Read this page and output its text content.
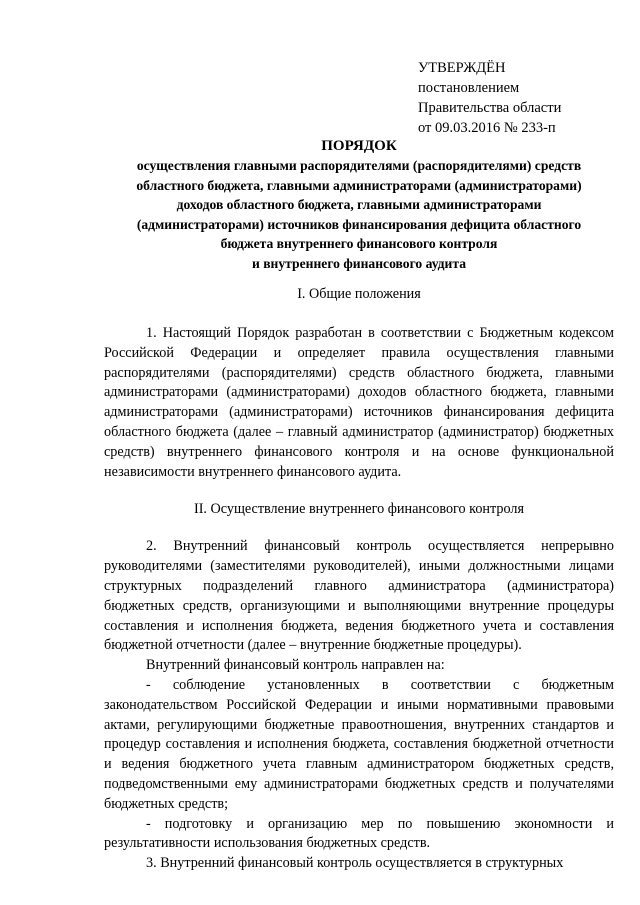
УТВЕРЖДЁН
постановлением
Правительства области
от 09.03.2016 № 233-п
ПОРЯДОК
осуществления главными распорядителями (распорядителями) средств
областного бюджета, главными администраторами (администраторами)
доходов областного бюджета, главными администраторами
(администраторами) источников финансирования дефицита областного
бюджета внутреннего финансового контроля
и внутреннего финансового аудита
I. Общие положения

1. Настоящий Порядок разработан в соответствии с Бюджетным кодексом Российской Федерации и определяет правила осуществления главными распорядителями (распорядителями) средств областного бюджета, главными администраторами (администраторами) доходов областного бюджета, главными администраторами (администраторами) источников финансирования дефицита областного бюджета (далее – главный администратор (администратор) бюджетных средств) внутреннего финансового контроля и на основе функциональной независимости внутреннего финансового аудита.

II. Осуществление внутреннего финансового контроля

2. Внутренний финансовый контроль осуществляется непрерывно руководителями (заместителями руководителей), иными должностными лицами структурных подразделений главного администратора (администратора) бюджетных средств, организующими и выполняющими внутренние процедуры составления и исполнения бюджета, ведения бюджетного учета и составления бюджетной отчетности (далее – внутренние бюджетные процедуры).

Внутренний финансовый контроль направлен на:

- соблюдение установленных в соответствии с бюджетным законодательством Российской Федерации и иными нормативными правовыми актами, регулирующими бюджетные правоотношения, внутренних стандартов и процедур составления и исполнения бюджета, составления бюджетной отчетности и ведения бюджетного учета главным администратором бюджетных средств, подведомственными ему администраторами бюджетных средств и получателями бюджетных средств;

- подготовку и организацию мер по повышению экономности и результативности использования бюджетных средств.

3. Внутренний финансовый контроль осуществляется в структурных
